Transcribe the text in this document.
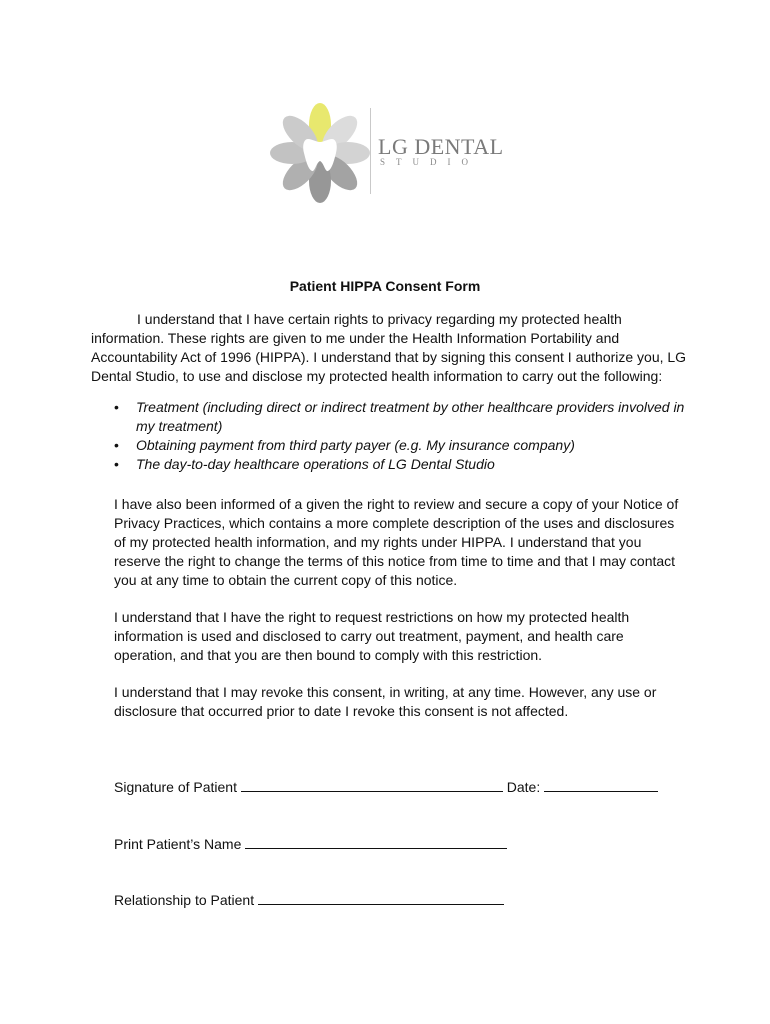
LG DENTAL
STUDIO
Patient HIPPA Consent Form

I understand that I have certain rights to privacy regarding my protected health information. These rights are given to me under the Health Information Portability and Accountability Act of 1996 (HIPPA). I understand that by signing this consent I authorize you, LG Dental Studio, to use and disclose my protected health information to carry out the following:

• Treatment (including direct or indirect treatment by other healthcare providers involved in my treatment)
• Obtaining payment from third party payer (e.g. My insurance company)
• The day-to-day healthcare operations of LG Dental Studio

I have also been informed of a given the right to review and secure a copy of your Notice of Privacy Practices, which contains a more complete description of the uses and disclosures of my protected health information, and my rights under HIPPA. I understand that you reserve the right to change the terms of this notice from time to time and that I may contact you at any time to obtain the current copy of this notice.

I understand that I have the right to request restrictions on how my protected health information is used and disclosed to carry out treatment, payment, and health care operation, and that you are then bound to comply with this restriction.

I understand that I may revoke this consent, in writing, at any time. However, any use or disclosure that occurred prior to date I revoke this consent is not affected.

Signature of Patient	Date:
Print Patient’s Name
Relationship to Patient
